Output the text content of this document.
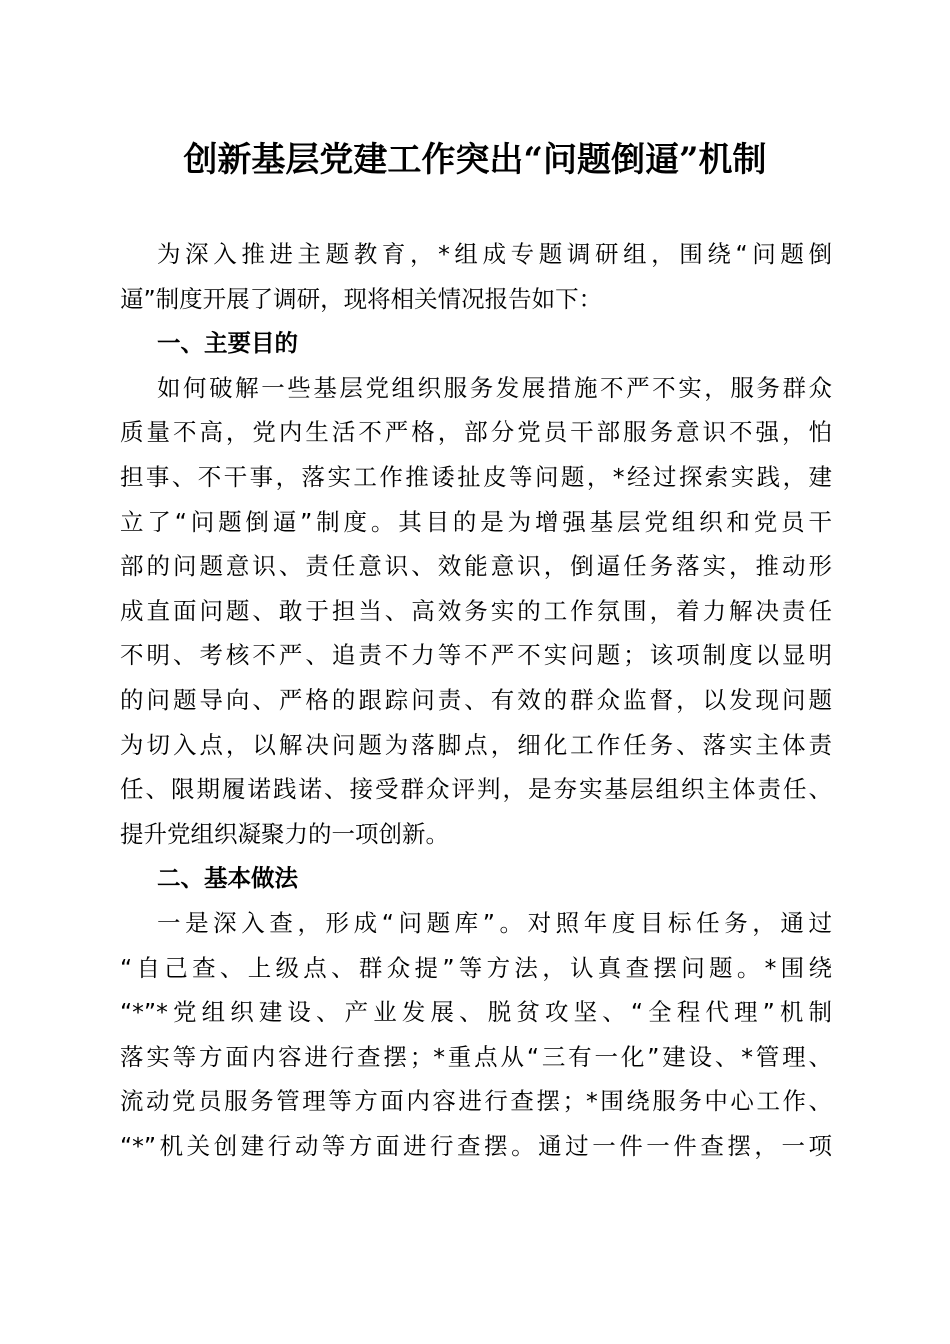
创新基层党建工作突出“问题倒逼”机制
为深入推进主题教育，*组成专题调研组，围绕“问题倒
逼”制度开展了调研，现将相关情况报告如下：
一、主要目的
如何破解一些基层党组织服务发展措施不严不实，服务群众
质量不高，党内生活不严格，部分党员干部服务意识不强，怕
担事、不干事，落实工作推诿扯皮等问题，*经过探索实践，建
立了“问题倒逼”制度。其目的是为增强基层党组织和党员干
部的问题意识、责任意识、效能意识，倒逼任务落实，推动形
成直面问题、敢于担当、高效务实的工作氛围，着力解决责任
不明、考核不严、追责不力等不严不实问题；该项制度以显明
的问题导向、严格的跟踪问责、有效的群众监督，以发现问题
为切入点，以解决问题为落脚点，细化工作任务、落实主体责
任、限期履诺践诺、接受群众评判，是夯实基层组织主体责任、
提升党组织凝聚力的一项创新。
二、基本做法
一是深入查，形成“问题库”。对照年度目标任务，通过
“自己查、上级点、群众提”等方法，认真查摆问题。*围绕
“*”*党组织建设、产业发展、脱贫攻坚、“全程代理”机制
落实等方面内容进行查摆；*重点从“三有一化”建设、*管理、
流动党员服务管理等方面内容进行查摆；*围绕服务中心工作、
“*”机关创建行动等方面进行查摆。通过一件一件查摆，一项
